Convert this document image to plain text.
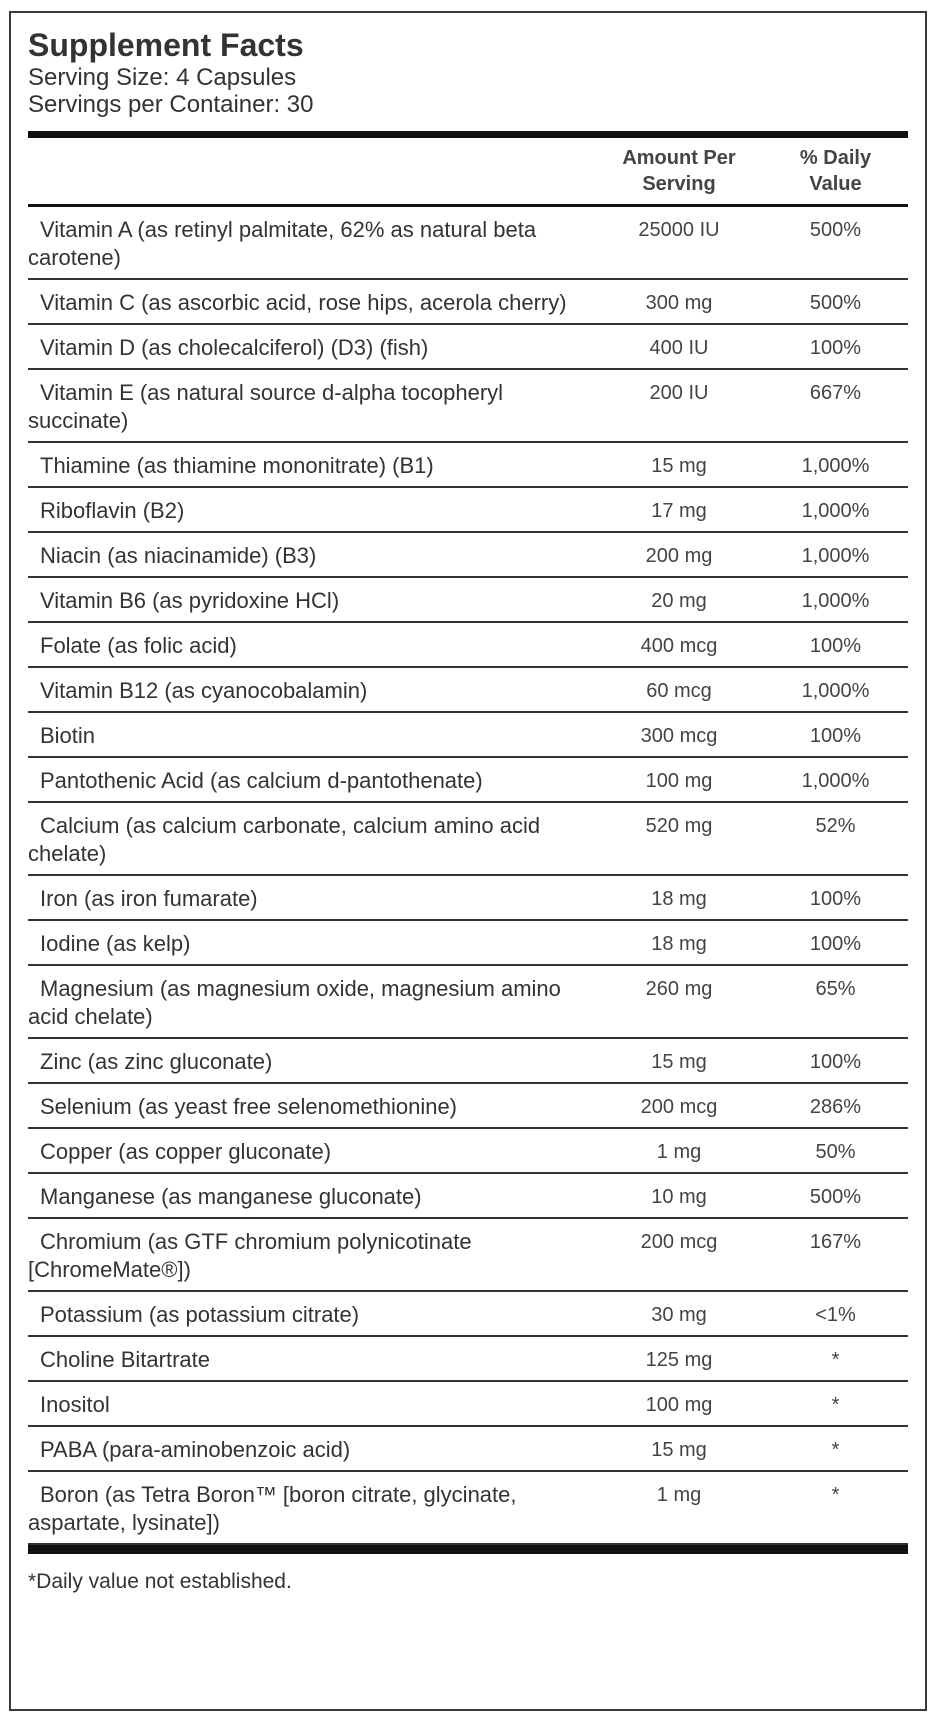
Supplement Facts
Serving Size: 4 Capsules
Servings per Container: 30
Amount Per
Serving
% Daily
Value
Vitamin A (as retinyl palmitate, 62% as natural beta carotene)
25000 IU	500%
Vitamin C (as ascorbic acid, rose hips, acerola cherry)	300 mg	500%
Vitamin D (as cholecalciferol) (D3) (fish)	400 IU	100%
Vitamin E (as natural source d-alpha tocopheryl succinate)
200 IU	667%
Thiamine (as thiamine mononitrate) (B1)	15 mg	1,000%
Riboflavin (B2)	17 mg	1,000%
Niacin (as niacinamide) (B3)	200 mg	1,000%
Vitamin B6 (as pyridoxine HCl)	20 mg	1,000%
Folate (as folic acid)	400 mcg	100%
Vitamin B12 (as cyanocobalamin)	60 mcg	1,000%
Biotin	300 mcg	100%
Pantothenic Acid (as calcium d-pantothenate)	100 mg	1,000%
Calcium (as calcium carbonate, calcium amino acid chelate)
520 mg	52%
Iron (as iron fumarate)	18 mg	100%
Iodine (as kelp)	18 mg	100%
Magnesium (as magnesium oxide, magnesium amino acid chelate)
260 mg	65%
Zinc (as zinc gluconate)	15 mg	100%
Selenium (as yeast free selenomethionine)	200 mcg	286%
Copper (as copper gluconate)	1 mg	50%
Manganese (as manganese gluconate)	10 mg	500%
Chromium (as GTF chromium polynicotinate [ChromeMate®])
200 mcg	167%
Potassium (as potassium citrate)	30 mg	<1%
Choline Bitartrate	125 mg	*
Inositol	100 mg	*
PABA (para-aminobenzoic acid)	15 mg	*
Boron (as Tetra Boron™ [boron citrate, glycinate, aspartate, lysinate])
1 mg	*
*Daily value not established.
